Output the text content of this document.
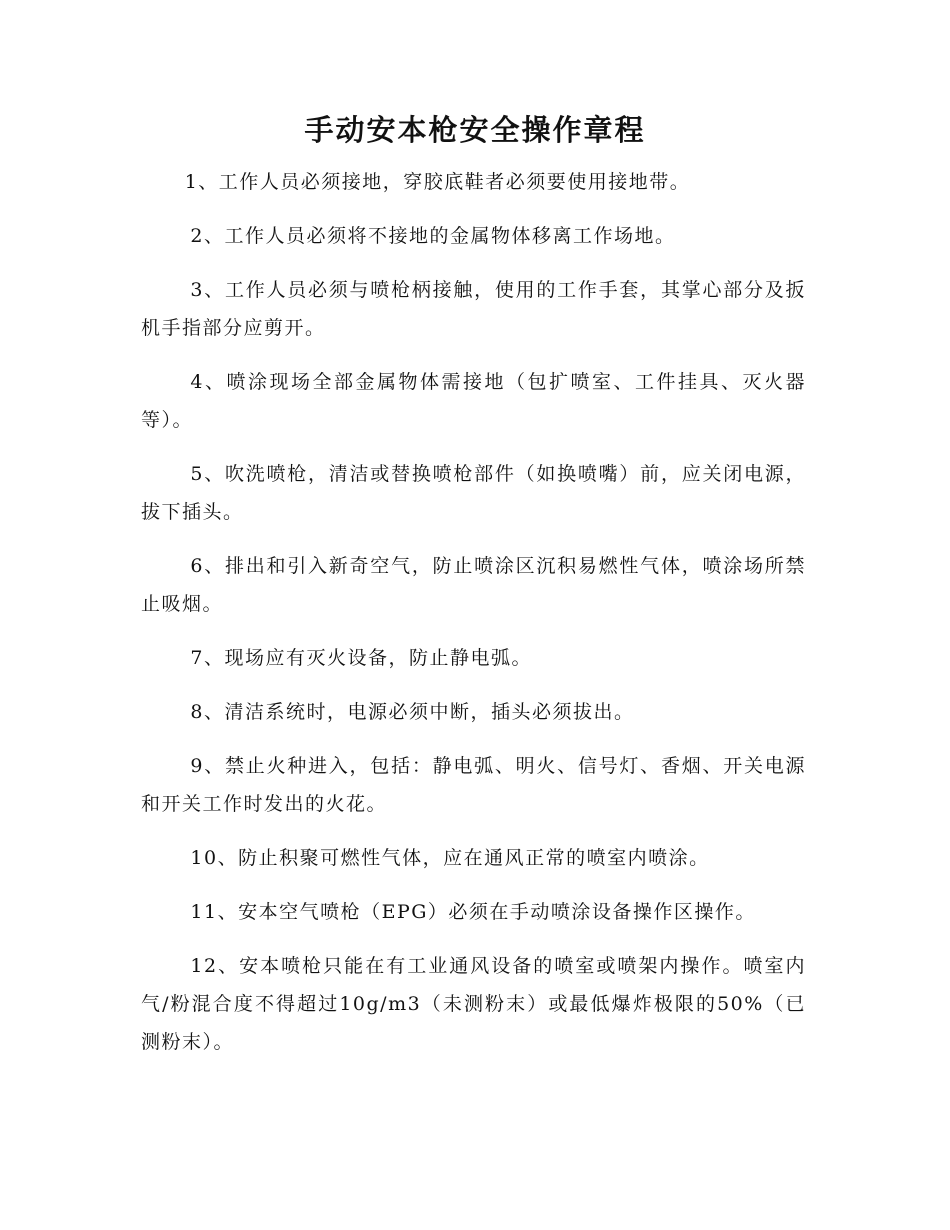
手动安本枪安全操作章程

1、工作人员必须接地，穿胶底鞋者必须要使用接地带。

2、工作人员必须将不接地的金属物体移离工作场地。

3、工作人员必须与喷枪柄接触，使用的工作手套，其掌心部分及扳机手指部分应剪开。

4、喷涂现场全部金属物体需接地（包扩喷室、工件挂具、灭火器等）。

5、吹洗喷枪，清洁或替换喷枪部件（如换喷嘴）前，应关闭电源，拔下插头。

6、排出和引入新奇空气，防止喷涂区沉积易燃性气体，喷涂场所禁止吸烟。

7、现场应有灭火设备，防止静电弧。

8、清洁系统时，电源必须中断，插头必须拔出。

9、禁止火种进入，包括：静电弧、明火、信号灯、香烟、开关电源和开关工作时发出的火花。

10、防止积聚可燃性气体，应在通风正常的喷室内喷涂。

11、安本空气喷枪（EPG）必须在手动喷涂设备操作区操作。

12、安本喷枪只能在有工业通风设备的喷室或喷架内操作。喷室内气/粉混合度不得超过10g/m3（未测粉末）或最低爆炸极限的50%（已测粉末）。
